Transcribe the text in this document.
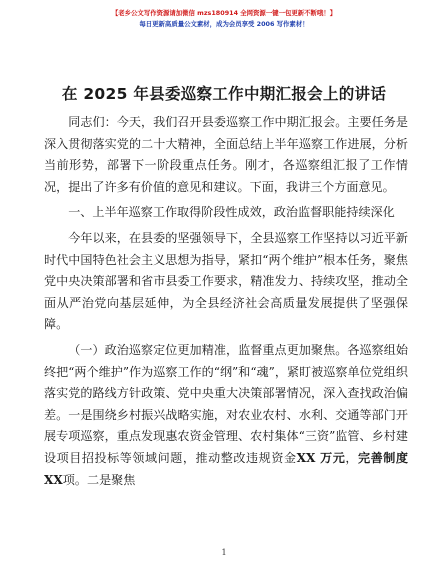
【老乡公文写作资源请加微信 mzs180914 全网资源一键一包更新不断哦！】
每日更新高质量公文素材，成为会员享受 2006 写作素材！
在 2025 年县委巡察工作中期汇报会上的讲话

同志们：今天，我们召开县委巡察工作中期汇报会。主要任务是深入贯彻落实党的二十大精神，全面总结上半年巡察工作进展，分析当前形势，部署下一阶段重点任务。刚才，各巡察组汇报了工作情况，提出了许多有价值的意见和建议。下面，我讲三个方面意见。

一、上半年巡察工作取得阶段性成效，政治监督职能持续深化

今年以来，在县委的坚强领导下，全县巡察工作坚持以习近平新时代中国特色社会主义思想为指导，紧扣“两个维护”根本任务，聚焦党中央决策部署和省市县委工作要求，精准发力、持续攻坚，推动全面从严治党向基层延伸，为全县经济社会高质量发展提供了坚强保障。

（一）政治巡察定位更加精准，监督重点更加聚焦。各巡察组始终把“两个维护”作为巡察工作的“纲”和“魂”，紧盯被巡察单位党组织落实党的路线方针政策、党中央重大决策部署情况，深入查找政治偏差。一是围绕乡村振兴战略实施，对农业农村、水利、交通等部门开展专项巡察，重点发现惠农资金管理、农村集体“三资”监管、乡村建设项目招投标等领域问题，推动整改违规资金XX 万元，完善制度 XX项。二是聚焦

1
